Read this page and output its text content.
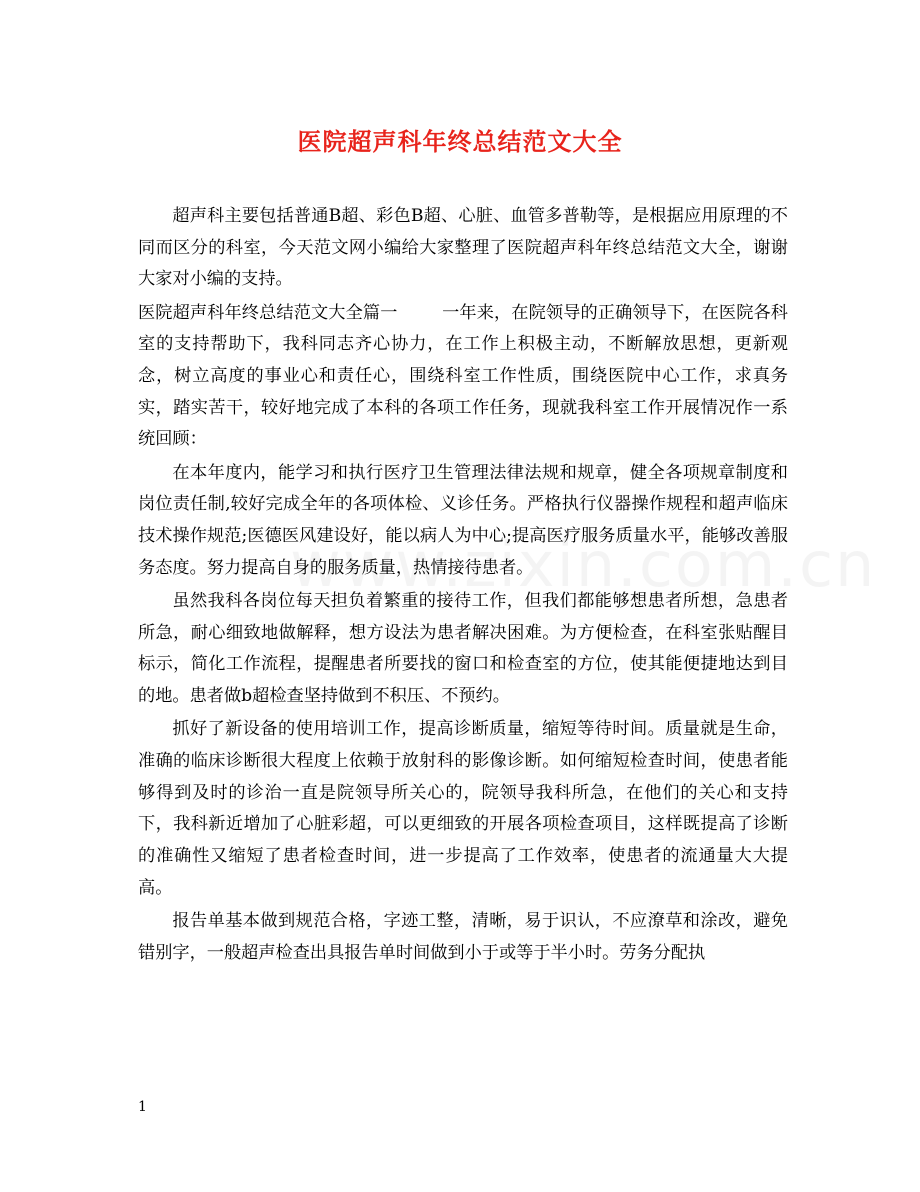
医院超声科年终总结范文大全

超声科主要包括普通B超、彩色B超、心脏、血管多普勒等，是根据应用原理的不同而区分的科室，今天范文网小编给大家整理了医院超声科年终总结范文大全，谢谢大家对小编的支持。

医院超声科年终总结范文大全篇一	一年来，在院领导的正确领导下，在医院各科室的支持帮助下，我科同志齐心协力，在工作上积极主动，不断解放思想，更新观念，树立高度的事业心和责任心，围绕科室工作性质，围绕医院中心工作，求真务实，踏实苦干，较好地完成了本科的各项工作任务，现就我科室工作开展情况作一系统回顾：

在本年度内，能学习和执行医疗卫生管理法律法规和规章，健全各项规章制度和岗位责任制,较好完成全年的各项体检、义诊任务。严格执行仪器操作规程和超声临床技术操作规范;医德医风建设好，能以病人为中心;提高医疗服务质量水平，能够改善服务态度。努力提高自身的服务质量，热情接待患者。

虽然我科各岗位每天担负着繁重的接待工作，但我们都能够想患者所想，急患者所急，耐心细致地做解释，想方设法为患者解决困难。为方便检查，在科室张贴醒目标示，简化工作流程，提醒患者所要找的窗口和检查室的方位，使其能便捷地达到目的地。患者做b超检查坚持做到不积压、不预约。

抓好了新设备的使用培训工作，提高诊断质量，缩短等待时间。质量就是生命，准确的临床诊断很大程度上依赖于放射科的影像诊断。如何缩短检查时间，使患者能够得到及时的诊治一直是院领导所关心的，院领导我科所急，在他们的关心和支持下，我科新近增加了心脏彩超，可以更细致的开展各项检查项目，这样既提高了诊断的准确性又缩短了患者检查时间，进一步提高了工作效率，使患者的流通量大大提高。

报告单基本做到规范合格，字迹工整，清晰，易于识认，不应潦草和涂改，避免错别字，一般超声检查出具报告单时间做到小于或等于半小时。劳务分配执

1
